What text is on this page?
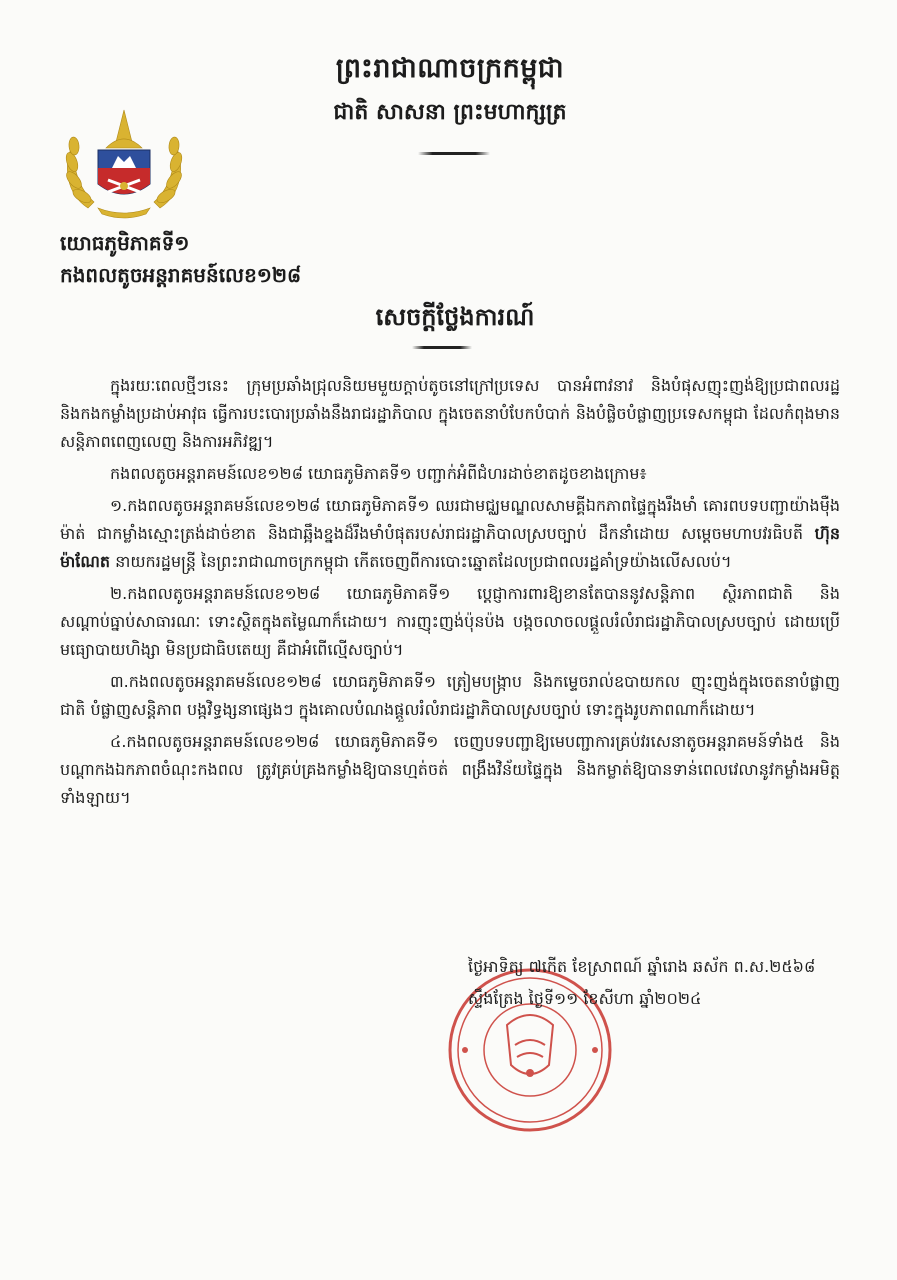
ព្រះរាជាណាចក្រកម្ពុជា
ជាតិ សាសនា ព្រះមហាក្សត្រ
យោធភូមិភាគទី១
កងពលតូចអន្តរាគមន៍លេខ១២៨
សេចក្តីថ្លែងការណ៍

ក្នុងរយៈពេលថ្មីៗនេះ ក្រុមប្រឆាំងជ្រុលនិយមមួយក្តាប់តូចនៅក្រៅប្រទេស បានអំពាវនាវ និងបំផុសញុះញង់ឱ្យប្រជាពលរដ្ឋ និងកងកម្លាំងប្រដាប់អាវុធ ធ្វើការបះបោរប្រឆាំងនឹងរាជរដ្ឋាភិបាល ក្នុងចេតនាបំបែកបំបាក់ និងបំផ្លិចបំផ្លាញប្រទេសកម្ពុជា ដែលកំពុងមានសន្តិភាពពេញលេញ និងការអភិវឌ្ឍ។

កងពលតូចអន្តរាគមន៍លេខ១២៨ យោធភូមិភាគទី១ បញ្ជាក់អំពីជំហរដាច់ខាតដូចខាងក្រោម៖

១.កងពលតូចអន្តរាគមន៍លេខ១២៨ យោធភូមិភាគទី១ ឈរជាមជ្ឈមណ្ឌលសាមគ្គីឯកភាពផ្ទៃក្នុងរឹងមាំ គោរពបទបញ្ជាយ៉ាងម៉ឺងម៉ាត់ ជាកម្លាំងស្មោះត្រង់ដាច់ខាត និងជាឆ្អឹងខ្នងដ៏រឹងមាំបំផុតរបស់រាជរដ្ឋាភិបាលស្របច្បាប់ ដឹកនាំដោយ សម្តេចមហាបវរធិបតី ហ៊ុន ម៉ាណែត នាយករដ្ឋមន្ត្រី នៃព្រះរាជាណាចក្រកម្ពុជា កើតចេញពីការបោះឆ្នោតដែលប្រជាពលរដ្ឋគាំទ្រយ៉ាងលើសលប់។

២.កងពលតូចអន្តរាគមន៍លេខ១២៨ យោធភូមិភាគទី១ ប្តេជ្ញាការពារឱ្យខានតែបាននូវសន្តិភាព ស្ថិរភាពជាតិ និងសណ្តាប់ធ្នាប់សាធារណៈ ទោះស្ថិតក្នុងតម្លៃណាក៏ដោយ។ ការញុះញង់ប៉ុនប៉ង បង្កចលាចលផ្តួលរំលំរាជរដ្ឋាភិបាលស្របច្បាប់ ដោយប្រើមធ្យោបាយហិង្សា មិនប្រជាធិបតេយ្យ គឺជាអំពើល្មើសច្បាប់។

៣.កងពលតូចអន្តរាគមន៍លេខ១២៨ យោធភូមិភាគទី១ ត្រៀមបង្ក្រាប និងកម្ទេចរាល់ឧបាយកល ញុះញង់ក្នុងចេតនាបំផ្លាញជាតិ បំផ្លាញសន្តិភាព បង្កវិទ្ធង្សនាផ្សេងៗ ក្នុងគោលបំណងផ្តួលរំលំរាជរដ្ឋាភិបាលស្របច្បាប់ ទោះក្នុងរូបភាពណាក៏ដោយ។

៤.កងពលតូចអន្តរាគមន៍លេខ១២៨ យោធភូមិភាគទី១ ចេញបទបញ្ជាឱ្យមេបញ្ជាការគ្រប់វរសេនាតូចអន្តរាគមន៍ទាំង៥ និងបណ្តាកងឯកភាពចំណុះកងពល ត្រូវគ្រប់គ្រងកម្លាំងឱ្យបានហ្មត់ចត់ ពង្រឹងវិន័យផ្ទៃក្នុង និងកម្លាត់ឱ្យបានទាន់ពេលវេលានូវកម្លាំងអមិត្តទាំងឡាយ។

ថ្ងៃអាទិត្យ ៧កើត ខែស្រាពណ៍ ឆ្នាំរោង ឆស័ក ព.ស.២៥៦៨
ស្ទឹងត្រែង ថ្ងៃទី១១ ខែសីហា ឆ្នាំ២០២៤
